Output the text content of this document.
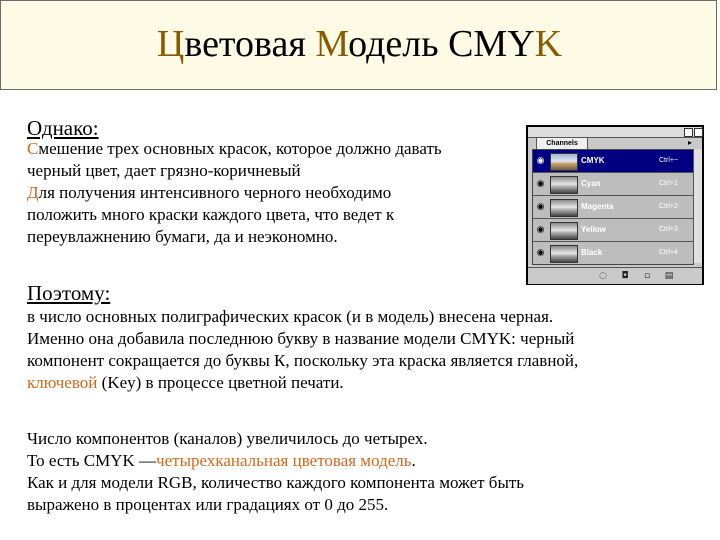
Цветовая Модель СМYK
Однако:
Смешение трех основных красок, которое должно давать
черный цвет, дает грязно-коричневый
Для получения интенсивного черного необходимо
положить много краски каждого цвета, что ведет к
переувлажнению бумаги, да и неэкономно.
Channels	▸
◉	CMYK	Ctrl+~
◉	Cyan	Ctrl+1
◉	Magenta	Ctrl+2
◉	Yellow	Ctrl+3
◉	Black	Ctrl+4
◌ ◘ ▫ ▤
Поэтому:
в число основных полиграфических красок (и в модель) внесена черная.
Именно она добавила последнюю букву в название модели CMYK: черный
компонент сокращается до буквы К, поскольку эта краска является главной,
ключевой (Key) в процессе цветной печати.
Число компонентов (каналов) увеличилось до четырех.
То есть CMYK —четырехканальная цветовая модель.
Как и для модели RGB, количество каждого компонента может быть
выражено в процентах или градациях от 0 до 255.
